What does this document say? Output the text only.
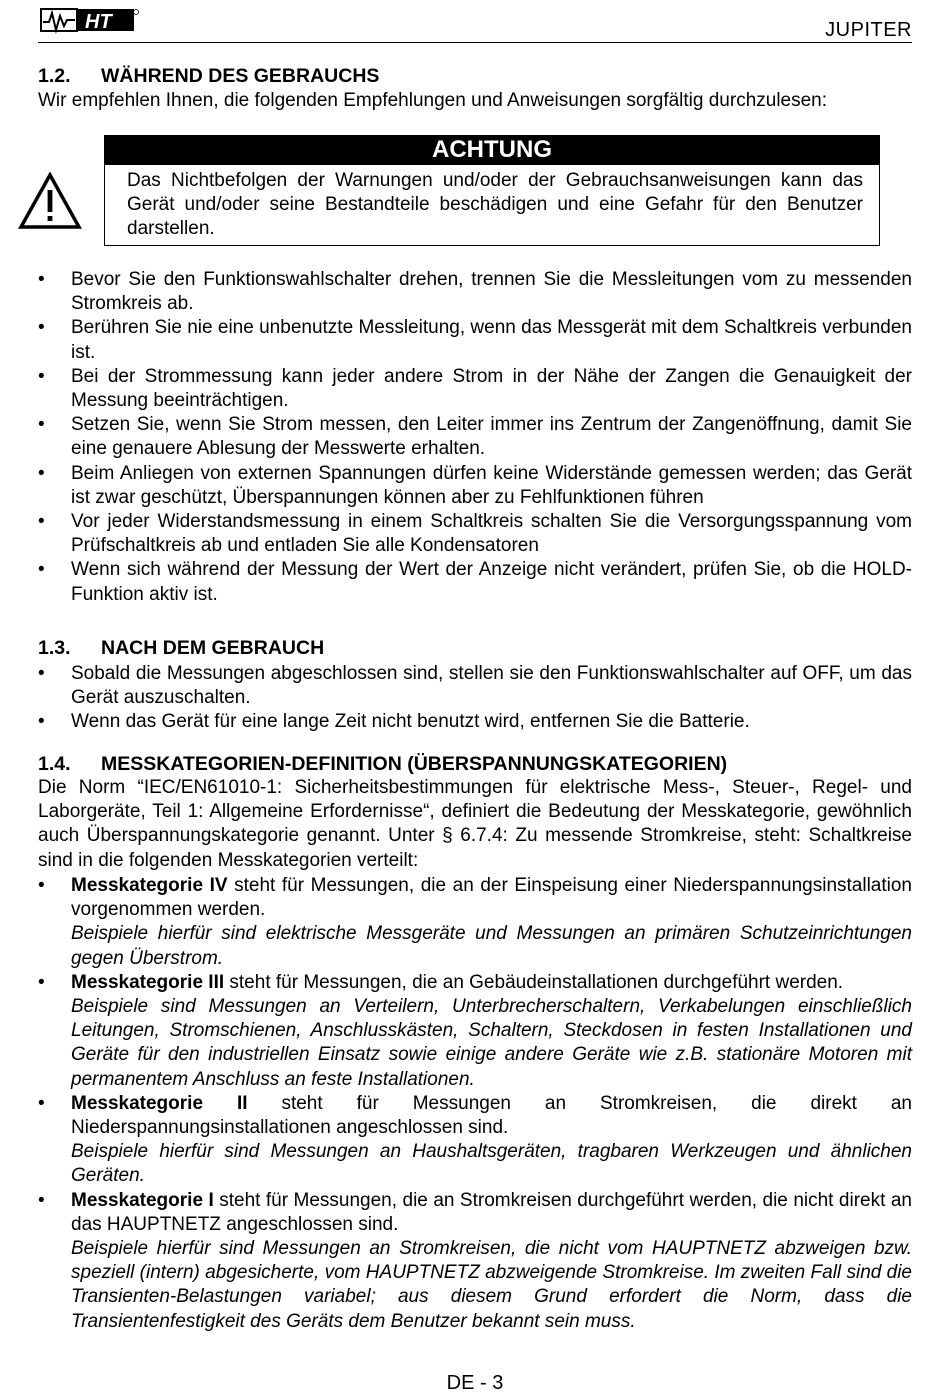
HT	JUPITER
1.2. WÄHREND DES GEBRAUCHS
Wir empfehlen Ihnen, die folgenden Empfehlungen und Anweisungen sorgfältig durchzulesen:
• Bevor Sie den Funktionswahlschalter drehen, trennen Sie die Messleitungen vom zu messenden Stromkreis ab.
• Berühren Sie nie eine unbenutzte Messleitung, wenn das Messgerät mit dem Schaltkreis verbunden ist.
• Bei der Strommessung kann jeder andere Strom in der Nähe der Zangen die Genauigkeit der Messung beeinträchtigen.
• Setzen Sie, wenn Sie Strom messen, den Leiter immer ins Zentrum der Zangenöffnung, damit Sie eine genauere Ablesung der Messwerte erhalten.
• Beim Anliegen von externen Spannungen dürfen keine Widerstände gemessen werden; das Gerät ist zwar geschützt, Überspannungen können aber zu Fehlfunktionen führen
• Vor jeder Widerstandsmessung in einem Schaltkreis schalten Sie die Versorgungsspannung vom Prüfschaltkreis ab und entladen Sie alle Kondensatoren
• Wenn sich während der Messung der Wert der Anzeige nicht verändert, prüfen Sie, ob die HOLD-Funktion aktiv ist.
1.3. NACH DEM GEBRAUCH
• Sobald die Messungen abgeschlossen sind, stellen sie den Funktionswahlschalter auf OFF, um das Gerät auszuschalten.
• Wenn das Gerät für eine lange Zeit nicht benutzt wird, entfernen Sie die Batterie.
1.4. MESSKATEGORIEN-DEFINITION (ÜBERSPANNUNGSKATEGORIEN)
Die Norm “IEC/EN61010-1: Sicherheitsbestimmungen für elektrische Mess-, Steuer-, Regel- und Laborgeräte, Teil 1: Allgemeine Erfordernisse“, definiert die Bedeutung der Messkategorie, gewöhnlich auch Überspannungskategorie genannt. Unter § 6.7.4: Zu messende Stromkreise, steht: Schaltkreise sind in die folgenden Messkategorien verteilt:
• Messkategorie IV steht für Messungen, die an der Einspeisung einer Niederspannungsinstallation vorgenommen werden.
Beispiele hierfür sind elektrische Messgeräte und Messungen an primären Schutzeinrichtungen gegen Überstrom.
• Messkategorie III steht für Messungen, die an Gebäudeinstallationen durchgeführt werden.
Beispiele sind Messungen an Verteilern, Unterbrecherschaltern, Verkabelungen einschließlich Leitungen, Stromschienen, Anschlusskästen, Schaltern, Steckdosen in festen Installationen und Geräte für den industriellen Einsatz sowie einige andere Geräte wie z.B. stationäre Motoren mit permanentem Anschluss an feste Installationen.
• Messkategorie II steht für Messungen an Stromkreisen, die direkt an Niederspannungsinstallationen angeschlossen sind.
Beispiele hierfür sind Messungen an Haushaltsgeräten, tragbaren Werkzeugen und ähnlichen Geräten.
• Messkategorie I steht für Messungen, die an Stromkreisen durchgeführt werden, die nicht direkt an das HAUPTNETZ angeschlossen sind.
Beispiele hierfür sind Messungen an Stromkreisen, die nicht vom HAUPTNETZ abzweigen bzw. speziell (intern) abgesicherte, vom HAUPTNETZ abzweigende Stromkreise. Im zweiten Fall sind die Transienten-Belastungen variabel; aus diesem Grund erfordert die Norm, dass die Transientenfestigkeit des Geräts dem Benutzer bekannt sein muss.
ACHTUNG
Das Nichtbefolgen der Warnungen und/oder der Gebrauchsanweisungen kann das Gerät und/oder seine Bestandteile beschädigen und eine Gefahr für den Benutzer darstellen.
DE - 3
